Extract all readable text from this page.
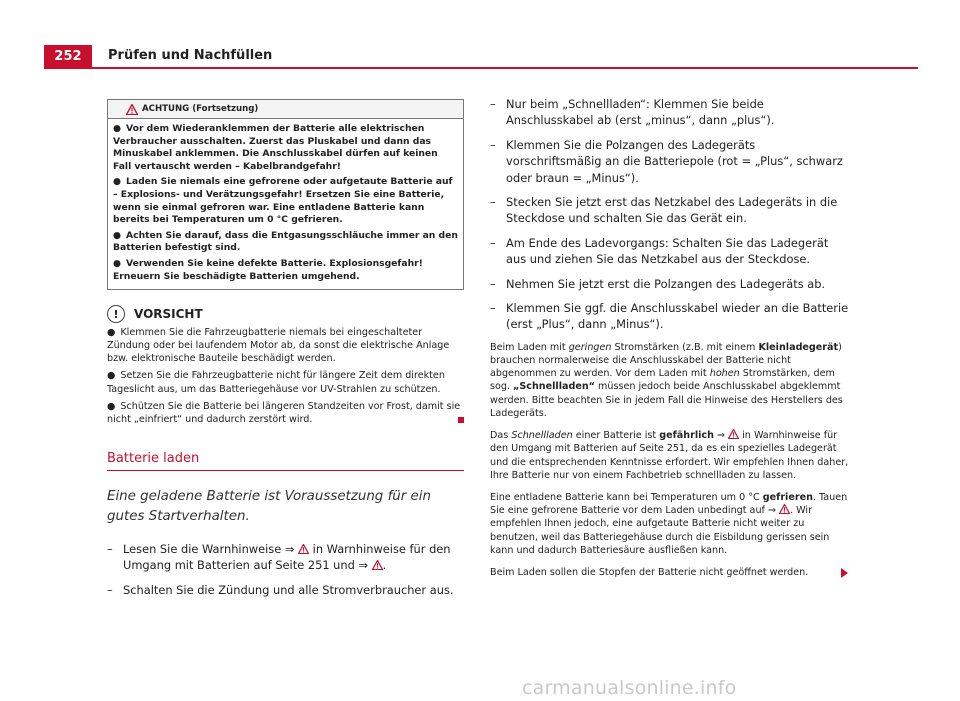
252	Prüfen und Nachfüllen
ACHTUNG (Fortsetzung)

● Vor dem Wiederanklemmen der Batterie alle elektrischen Verbraucher ausschalten. Zuerst das Pluskabel und dann das Minuskabel anklemmen. Die Anschlusskabel dürfen auf keinen Fall vertauscht werden – Kabelbrandgefahr!

● Laden Sie niemals eine gefrorene oder aufgetaute Batterie auf – Explosions- und Verätzungsgefahr! Ersetzen Sie eine Batterie, wenn sie einmal gefroren war. Eine entladene Batterie kann bereits bei Temperaturen um 0 °C gefrieren.

● Achten Sie darauf, dass die Entgasungsschläuche immer an den Batterien befestigt sind.

● Verwenden Sie keine defekte Batterie. Explosionsgefahr! Erneuern Sie beschädigte Batterien umgehend.

!	VORSICHT

● Klemmen Sie die Fahrzeugbatterie niemals bei eingeschalteter Zündung oder bei laufendem Motor ab, da sonst die elektrische Anlage bzw. elektronische Bauteile beschädigt werden.

● Setzen Sie die Fahrzeugbatterie nicht für längere Zeit dem direkten Tageslicht aus, um das Batteriegehäuse vor UV-Strahlen zu schützen.

● Schützen Sie die Batterie bei längeren Standzeiten vor Frost, damit sie nicht „einfriert“ und dadurch zerstört wird.

Batterie laden
Eine geladene Batterie ist Voraussetzung für ein gutes Startverhalten.
– Lesen Sie die Warnhinweise ⇒ in Warnhinweise für den Umgang mit Batterien auf Seite 251 und ⇒ .
– Schalten Sie die Zündung und alle Stromverbraucher aus.
– Nur beim „Schnellladen“: Klemmen Sie beide Anschlusskabel ab (erst „minus“, dann „plus“).
– Klemmen Sie die Polzangen des Ladegeräts vorschriftsmäßig an die Batteriepole (rot = „Plus“, schwarz oder braun = „Minus“).
– Stecken Sie jetzt erst das Netzkabel des Ladegeräts in die Steckdose und schalten Sie das Gerät ein.
– Am Ende des Ladevorgangs: Schalten Sie das Ladegerät aus und ziehen Sie das Netzkabel aus der Steckdose.
– Nehmen Sie jetzt erst die Polzangen des Ladegeräts ab.
– Klemmen Sie ggf. die Anschlusskabel wieder an die Batterie (erst „Plus“, dann „Minus“).

Beim Laden mit geringen Stromstärken (z.B. mit einem Kleinladegerät) brauchen normalerweise die Anschlusskabel der Batterie nicht abgenommen zu werden. Vor dem Laden mit hohen Stromstärken, dem sog. „Schnellladen“ müssen jedoch beide Anschlusskabel abgeklemmt werden. Bitte beachten Sie in jedem Fall die Hinweise des Herstellers des Ladegeräts.

Das Schnellladen einer Batterie ist gefährlich ⇒  in Warnhinweise für den Umgang mit Batterien auf Seite 251, da es ein spezielles Ladegerät und die entsprechenden Kenntnisse erfordert. Wir empfehlen Ihnen daher, Ihre Batterie nur von einem Fachbetrieb schnellladen zu lassen.

Eine entladene Batterie kann bei Temperaturen um 0 °C gefrieren. Tauen Sie eine gefrorene Batterie vor dem Laden unbedingt auf ⇒ . Wir empfehlen Ihnen jedoch, eine aufgetaute Batterie nicht weiter zu benutzen, weil das Batteriegehäuse durch die Eisbildung gerissen sein kann und dadurch Batteriesäure ausfließen kann.

Beim Laden sollen die Stopfen der Batterie nicht geöffnet werden.

carmanualsonline.info
